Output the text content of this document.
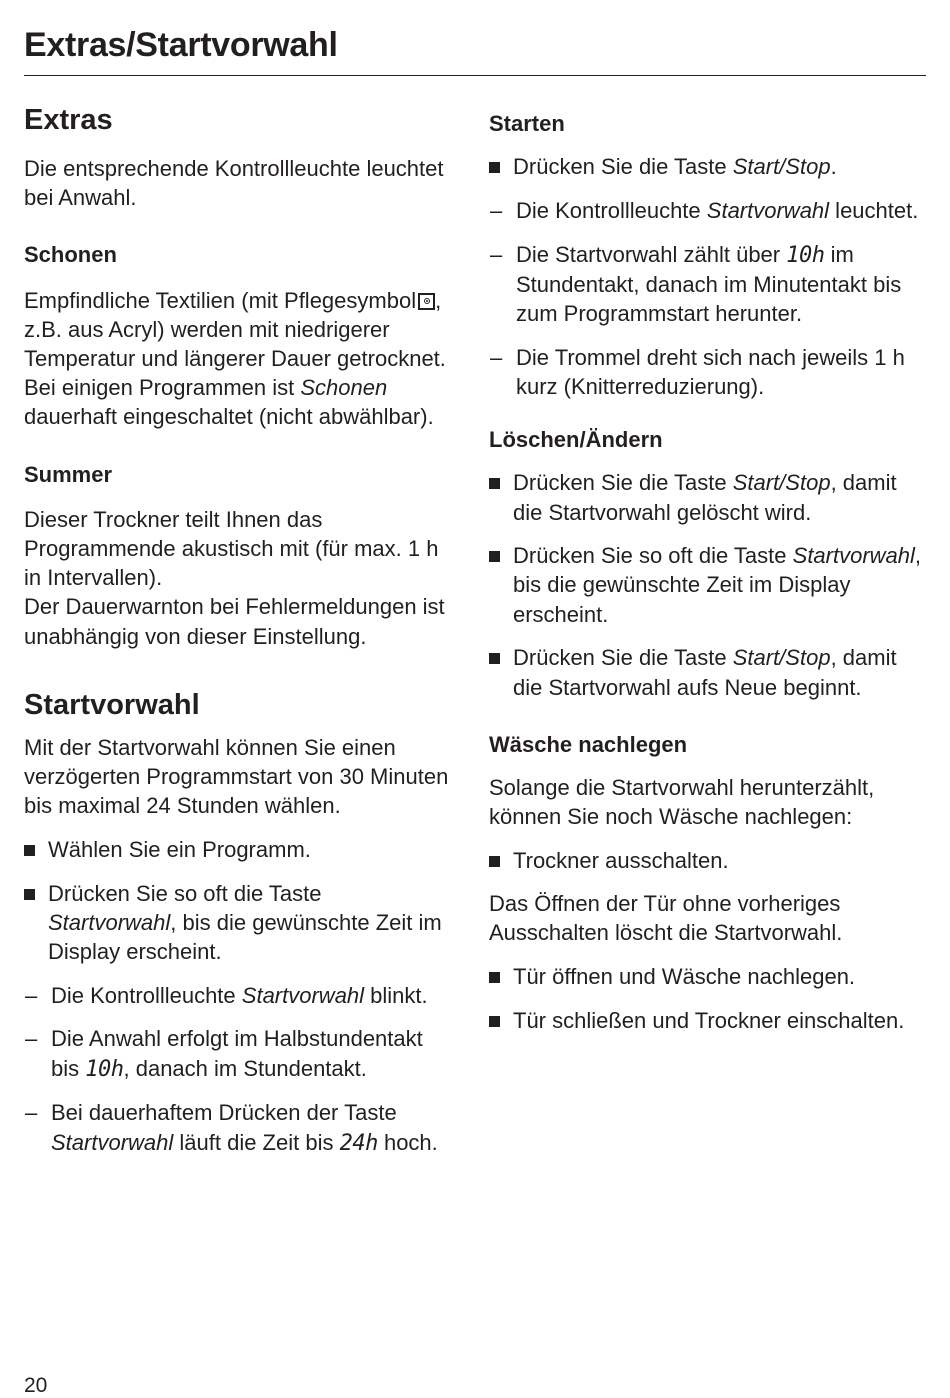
Extras/Startvorwahl
Extras

Die entsprechende Kontrollleuchte leuchtet bei Anwahl.

Schonen

Empfindliche Textilien (mit Pflegesymbol , z.B. aus Acryl) werden mit niedrigerer Temperatur und längerer Dauer getrocknet.

Bei einigen Programmen ist Schonen dauerhaft eingeschaltet (nicht abwählbar).

Summer

Dieser Trockner teilt Ihnen das Programmende akustisch mit (für max. 1 h in Intervallen).

Der Dauerwarnton bei Fehlermeldungen ist unabhängig von dieser Einstellung.

Startvorwahl

Mit der Startvorwahl können Sie einen verzögerten Programmstart von 30 Minuten bis maximal 24 Stunden wählen.

Wählen Sie ein Programm.
Drücken Sie so oft die Taste Startvorwahl, bis die gewünschte Zeit im Display erscheint.
– Die Kontrollleuchte Startvorwahl blinkt.
– Die Anwahl erfolgt im Halbstundentakt bis 10h, danach im Stundentakt.
– Bei dauerhaftem Drücken der Taste Startvorwahl läuft die Zeit bis 24h hoch.
Starten
Drücken Sie die Taste Start/Stop.
– Die Kontrollleuchte Startvorwahl leuchtet.
– Die Startvorwahl zählt über 10h im Stundentakt, danach im Minutentakt bis zum Programmstart herunter.
– Die Trommel dreht sich nach jeweils 1 h kurz (Knitterreduzierung).
Löschen/Ändern
Drücken Sie die Taste Start/Stop, damit die Startvorwahl gelöscht wird.
Drücken Sie so oft die Taste Startvorwahl, bis die gewünschte Zeit im Display erscheint.
Drücken Sie die Taste Start/Stop, damit die Startvorwahl aufs Neue beginnt.
Wäsche nachlegen

Solange die Startvorwahl herunterzählt, können Sie noch Wäsche nachlegen:

Trockner ausschalten.

Das Öffnen der Tür ohne vorheriges Ausschalten löscht die Startvorwahl.

Tür öffnen und Wäsche nachlegen.
Tür schließen und Trockner einschalten.
20
